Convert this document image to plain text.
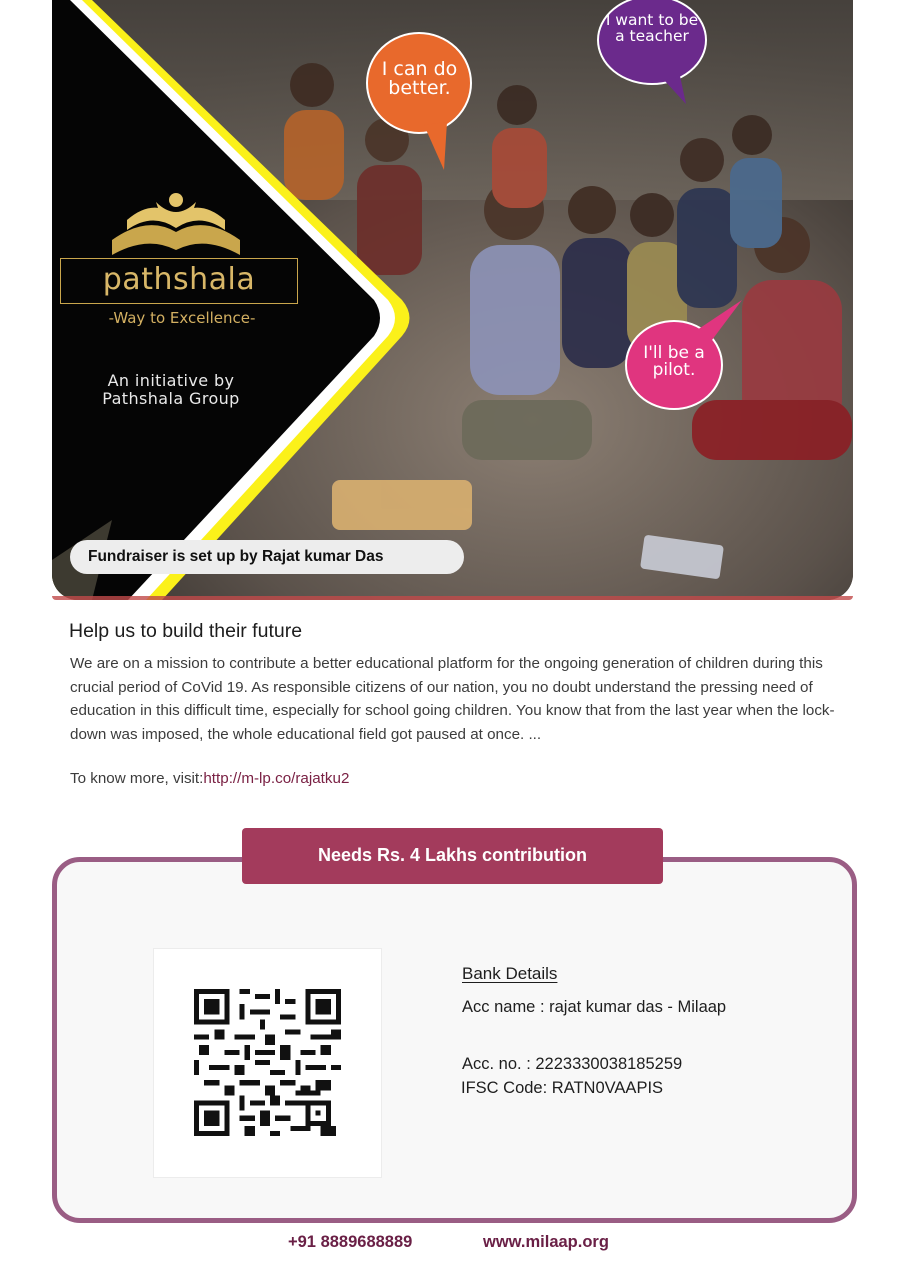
I can do better.
I want to be a teacher
I'll be a pilot.
pathshala
-Way to Excellence-
An initiative by Pathshala Group
Fundraiser is set up by Rajat kumar Das
Help us to build their future

We are on a mission to contribute a better educational platform for the ongoing generation of children during this crucial period of CoVid 19. As responsible citizens of our nation, you no doubt understand the pressing need of education in this difficult time, especially for school going children. You know that from the last year when the lock-down was imposed, the whole educational field got paused at once. ...

To know more, visit:http://m-lp.co/rajatku2
Needs Rs. 4 Lakhs contribution
Bank Details
Acc name : rajat kumar das - Milaap
Acc. no. : 2223330038185259
IFSC Code: RATN0VAAPIS
+91 8889688889	www.milaap.org
